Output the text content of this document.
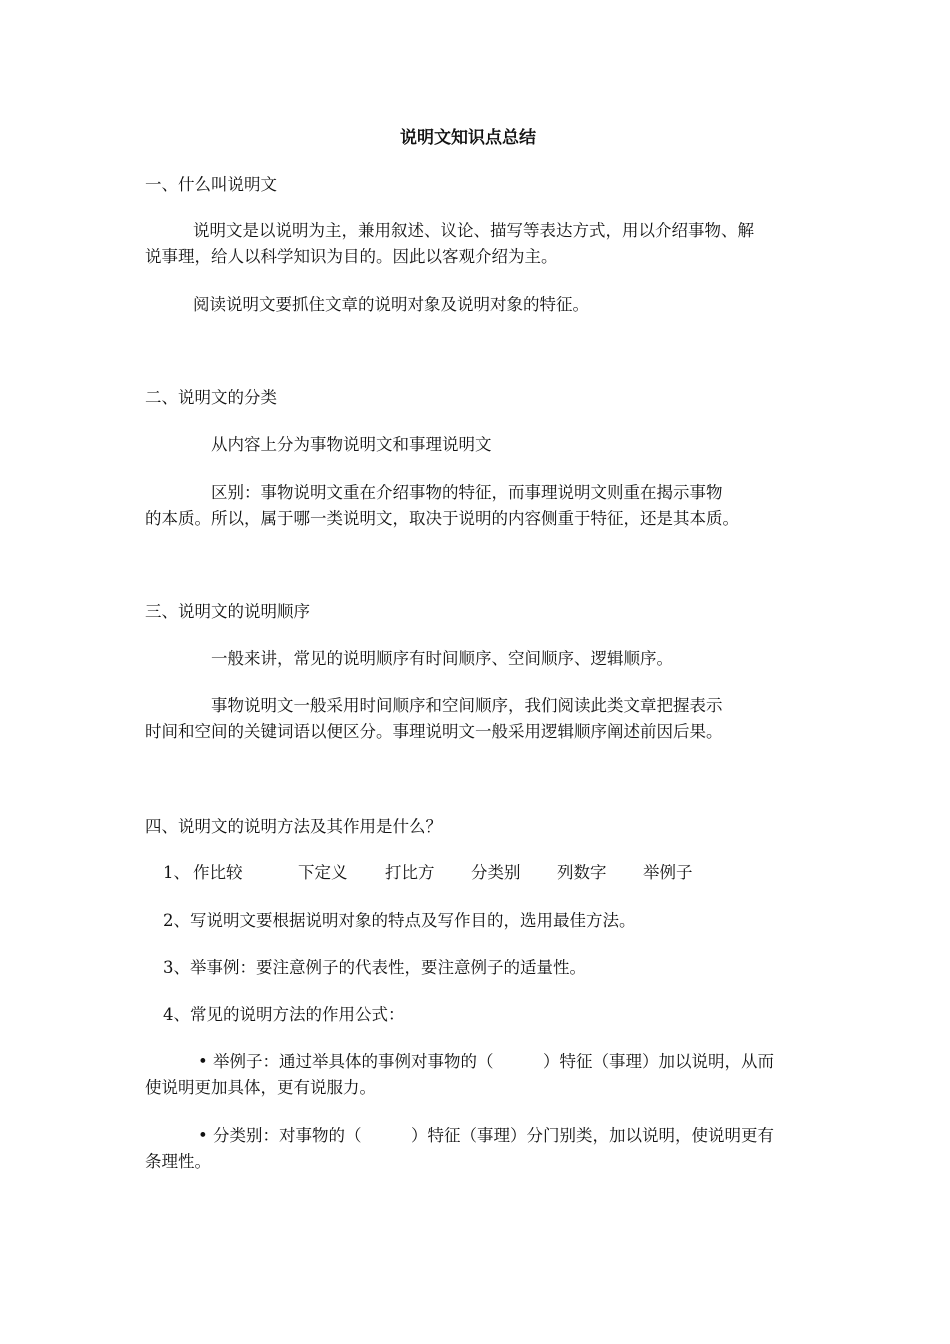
说明文知识点总结

一、什么叫说明文

说明文是以说明为主，兼用叙述、议论、描写等表达方式，用以介绍事物、解

说事理，给人以科学知识为目的。因此以客观介绍为主。

阅读说明文要抓住文章的说明对象及说明对象的特征。

二、说明文的分类

从内容上分为事物说明文和事理说明文

区别：事物说明文重在介绍事物的特征，而事理说明文则重在揭示事物

的本质。所以，属于哪一类说明文，取决于说明的内容侧重于特征，还是其本质。

三、说明文的说明顺序

一般来讲，常见的说明顺序有时间顺序、空间顺序、逻辑顺序。

事物说明文一般采用时间顺序和空间顺序，我们阅读此类文章把握表示

时间和空间的关键词语以便区分。事理说明文一般采用逻辑顺序阐述前因后果。

四、说明文的说明方法及其作用是什么？

1、 作比较	下定义 打比方 分类别 列数字 举例子

2、写说明文要根据说明对象的特点及写作目的，选用最佳方法。

3、举事例：要注意例子的代表性，要注意例子的适量性。

4、常见的说明方法的作用公式：

• 举例子：通过举具体的事例对事物的（　　　）特征（事理）加以说明，从而

使说明更加具体，更有说服力。

• 分类别：对事物的（　　　）特征（事理）分门别类，加以说明，使说明更有

条理性。
